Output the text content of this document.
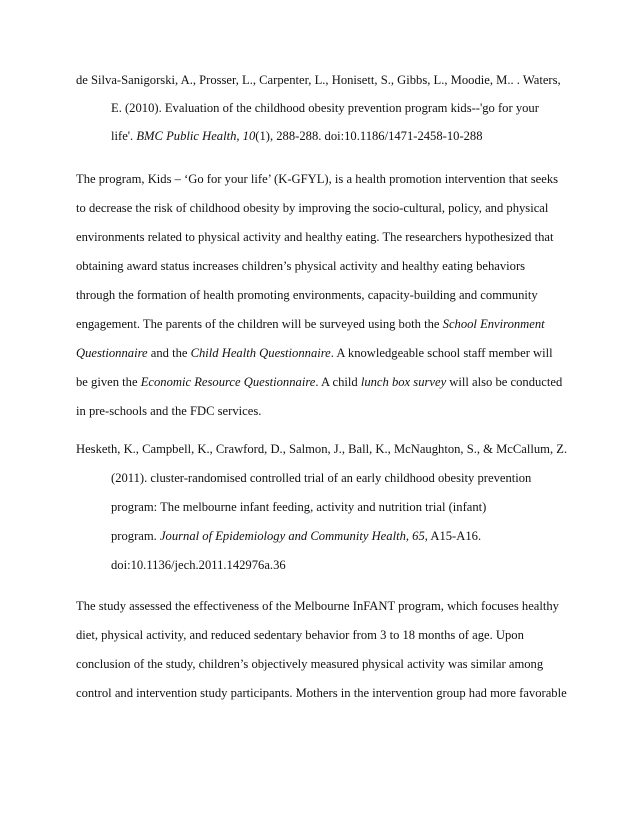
de Silva-Sanigorski, A., Prosser, L., Carpenter, L., Honisett, S., Gibbs, L., Moodie, M.. . Waters,
E. (2010). Evaluation of the childhood obesity prevention program kids--'go for your
life'. BMC Public Health, 10(1), 288-288. doi:10.1186/1471-2458-10-288
The program, Kids – ‘Go for your life’ (K-GFYL), is a health promotion intervention that seeks
to decrease the risk of childhood obesity by improving the socio-cultural, policy, and physical
environments related to physical activity and healthy eating. The researchers hypothesized that
obtaining award status increases children’s physical activity and healthy eating behaviors
through the formation of health promoting environments, capacity-building and community
engagement. The parents of the children will be surveyed using both the School Environment
Questionnaire and the Child Health Questionnaire. A knowledgeable school staff member will
be given the Economic Resource Questionnaire. A child lunch box survey will also be conducted
in pre-schools and the FDC services.
Hesketh, K., Campbell, K., Crawford, D., Salmon, J., Ball, K., McNaughton, S., & McCallum, Z.
(2011). cluster-randomised controlled trial of an early childhood obesity prevention
program: The melbourne infant feeding, activity and nutrition trial (infant)
program. Journal of Epidemiology and Community Health, 65, A15-A16.
doi:10.1136/jech.2011.142976a.36
The study assessed the effectiveness of the Melbourne InFANT program, which focuses healthy
diet, physical activity, and reduced sedentary behavior from 3 to 18 months of age. Upon
conclusion of the study, children’s objectively measured physical activity was similar among
control and intervention study participants. Mothers in the intervention group had more favorable
